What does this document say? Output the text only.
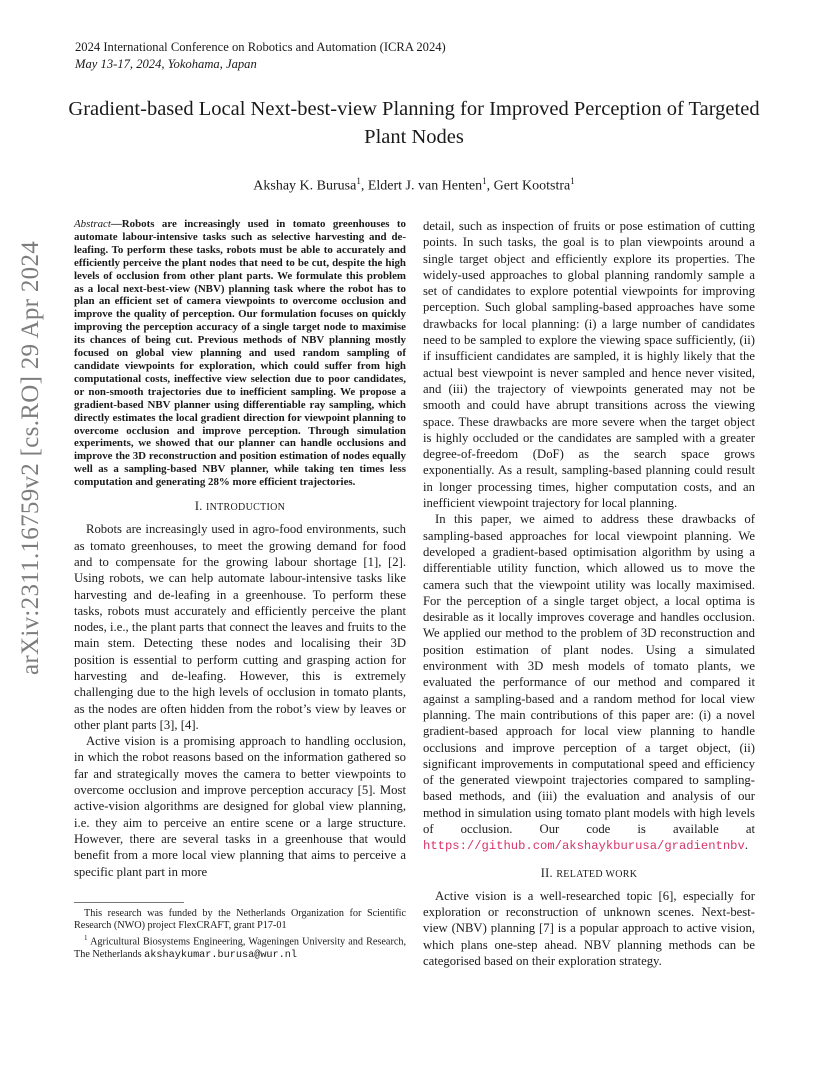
2024 International Conference on Robotics and Automation (ICRA 2024)
May 13-17, 2024, Yokohama, Japan
Gradient-based Local Next-best-view Planning for Improved Perception of Targeted Plant Nodes
Akshay K. Burusa$^1$, Eldert J. van Henten$^1$, Gert Kootstra$^1$
arXiv:2311.16759v2 [cs.RO] 29 Apr 2024

Abstract—Robots are increasingly used in tomato greenhouses to automate labour-intensive tasks such as selective harvesting and de-leafing. To perform these tasks, robots must be able to accurately and efficiently perceive the plant nodes that need to be cut, despite the high levels of occlusion from other plant parts. We formulate this problem as a local next-best-view (NBV) planning task where the robot has to plan an efficient set of camera viewpoints to overcome occlusion and improve the quality of perception. Our formulation focuses on quickly improving the perception accuracy of a single target node to maximise its chances of being cut. Previous methods of NBV planning mostly focused on global view planning and used random sampling of candidate viewpoints for exploration, which could suffer from high computational costs, ineffective view selection due to poor candidates, or non-smooth trajectories due to inefficient sampling. We propose a gradient-based NBV planner using differentiable ray sampling, which directly estimates the local gradient direction for viewpoint planning to overcome occlusion and improve perception. Through simulation experiments, we showed that our planner can handle occlusions and improve the 3D reconstruction and position estimation of nodes equally well as a sampling-based NBV planner, while taking ten times less computation and generating 28% more efficient trajectories.

I. INTRODUCTION

Robots are increasingly used in agro-food environments, such as tomato greenhouses, to meet the growing demand for food and to compensate for the growing labour shortage [1], [2]. Using robots, we can help automate labour-intensive tasks like harvesting and de-leafing in a greenhouse. To perform these tasks, robots must accurately and efficiently perceive the plant nodes, i.e., the plant parts that connect the leaves and fruits to the main stem. Detecting these nodes and localising their 3D position is essential to perform cutting and grasping action for harvesting and de-leafing. However, this is extremely challenging due to the high levels of occlusion in tomato plants, as the nodes are often hidden from the robot’s view by leaves or other plant parts [3], [4].

Active vision is a promising approach to handling occlusion, in which the robot reasons based on the information gathered so far and strategically moves the camera to better viewpoints to overcome occlusion and improve perception accuracy [5]. Most active-vision algorithms are designed for global view planning, i.e. they aim to perceive an entire scene or a large structure. However, there are several tasks in a greenhouse that would benefit from a more local view planning that aims to perceive a specific plant part in more

This research was funded by the Netherlands Organization for Scientific Research (NWO) project FlexCRAFT, grant P17-01

$^1$ Agricultural Biosystems Engineering, Wageningen University and Research, The Netherlands akshaykumar.burusa@wur.nl

detail, such as inspection of fruits or pose estimation of cutting points. In such tasks, the goal is to plan viewpoints around a single target object and efficiently explore its properties. The widely-used approaches to global planning randomly sample a set of candidates to explore potential viewpoints for improving perception. Such global sampling-based approaches have some drawbacks for local planning: (i) a large number of candidates need to be sampled to explore the viewing space sufficiently, (ii) if insufficient candidates are sampled, it is highly likely that the actual best viewpoint is never sampled and hence never visited, and (iii) the trajectory of viewpoints generated may not be smooth and could have abrupt transitions across the viewing space. These drawbacks are more severe when the target object is highly occluded or the candidates are sampled with a greater degree-of-freedom (DoF) as the search space grows exponentially. As a result, sampling-based planning could result in longer processing times, higher computation costs, and an inefficient viewpoint trajectory for local planning.

In this paper, we aimed to address these drawbacks of sampling-based approaches for local viewpoint planning. We developed a gradient-based optimisation algorithm by using a differentiable utility function, which allowed us to move the camera such that the viewpoint utility was locally maximised. For the perception of a single target object, a local optima is desirable as it locally improves coverage and handles occlusion. We applied our method to the problem of 3D reconstruction and position estimation of plant nodes. Using a simulated environment with 3D mesh models of tomato plants, we evaluated the performance of our method and compared it against a sampling-based and a random method for local view planning. The main contributions of this paper are: (i) a novel gradient-based approach for local view planning to handle occlusions and improve perception of a target object, (ii) significant improvements in computational speed and efficiency of the generated viewpoint trajectories compared to sampling-based methods, and (iii) the evaluation and analysis of our method in simulation using tomato plant models with high levels of occlusion. Our code is available at https://github.com/akshaykburusa/gradientnbv.

II. RELATED WORK

Active vision is a well-researched topic [6], especially for exploration or reconstruction of unknown scenes. Next-best-view (NBV) planning [7] is a popular approach to active vision, which plans one-step ahead. NBV planning methods can be categorised based on their exploration strategy.
